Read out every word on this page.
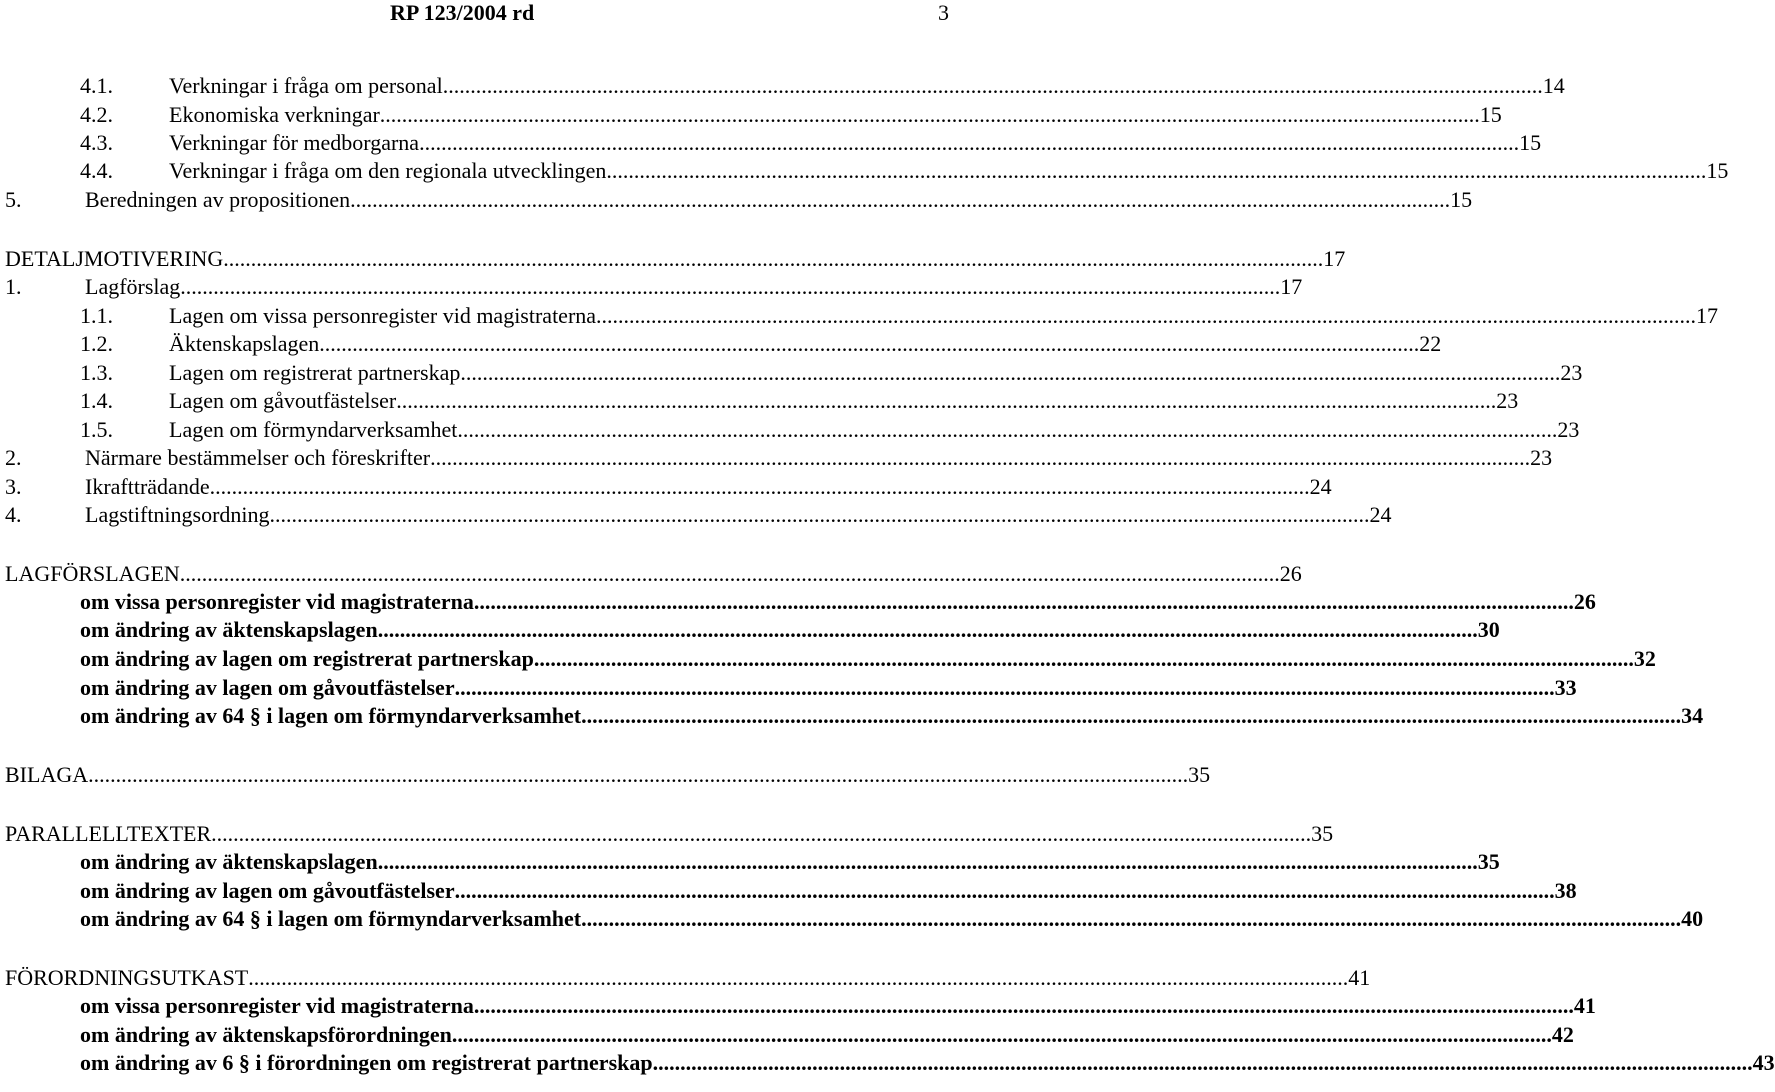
RP 123/2004 rd	3
4.1.	Verkningar i fråga om personal ........................................................................................................................................................................................................ 14
4.2.	Ekonomiska verkningar ........................................................................................................................................................................................................ 15
4.3.	Verkningar för medborgarna ........................................................................................................................................................................................................ 15
4.4.	Verkningar i fråga om den regionala utvecklingen ........................................................................................................................................................................................................ 15
5.	Beredningen av propositionen ........................................................................................................................................................................................................ 15
DETALJMOTIVERING ........................................................................................................................................................................................................ 17
1.	Lagförslag ........................................................................................................................................................................................................ 17
1.1.	Lagen om vissa personregister vid magistraterna ........................................................................................................................................................................................................ 17
1.2.	Äktenskapslagen ........................................................................................................................................................................................................ 22
1.3.	Lagen om registrerat partnerskap ........................................................................................................................................................................................................ 23
1.4.	Lagen om gåvoutfästelser ........................................................................................................................................................................................................ 23
1.5.	Lagen om förmyndarverksamhet ........................................................................................................................................................................................................ 23
2.	Närmare bestämmelser och föreskrifter ........................................................................................................................................................................................................ 23
3.	Ikraftträdande ........................................................................................................................................................................................................ 24
4.	Lagstiftningsordning ........................................................................................................................................................................................................ 24
LAGFÖRSLAGEN ........................................................................................................................................................................................................ 26
om vissa personregister vid magistraterna ........................................................................................................................................................................................................ 26
om ändring av äktenskapslagen ........................................................................................................................................................................................................ 30
om ändring av lagen om registrerat partnerskap ........................................................................................................................................................................................................ 32
om ändring av lagen om gåvoutfästelser ........................................................................................................................................................................................................ 33
om ändring av 64 § i lagen om förmyndarverksamhet ........................................................................................................................................................................................................ 34
BILAGA ........................................................................................................................................................................................................ 35
PARALLELLTEXTER ........................................................................................................................................................................................................ 35
om ändring av äktenskapslagen ........................................................................................................................................................................................................ 35
om ändring av lagen om gåvoutfästelser ........................................................................................................................................................................................................ 38
om ändring av 64 § i lagen om förmyndarverksamhet ........................................................................................................................................................................................................ 40
FÖRORDNINGSUTKAST ........................................................................................................................................................................................................ 41
om vissa personregister vid magistraterna ........................................................................................................................................................................................................ 41
om ändring av äktenskapsförordningen ........................................................................................................................................................................................................ 42
om ändring av 6 § i förordningen om registrerat partnerskap ........................................................................................................................................................................................................ 43
